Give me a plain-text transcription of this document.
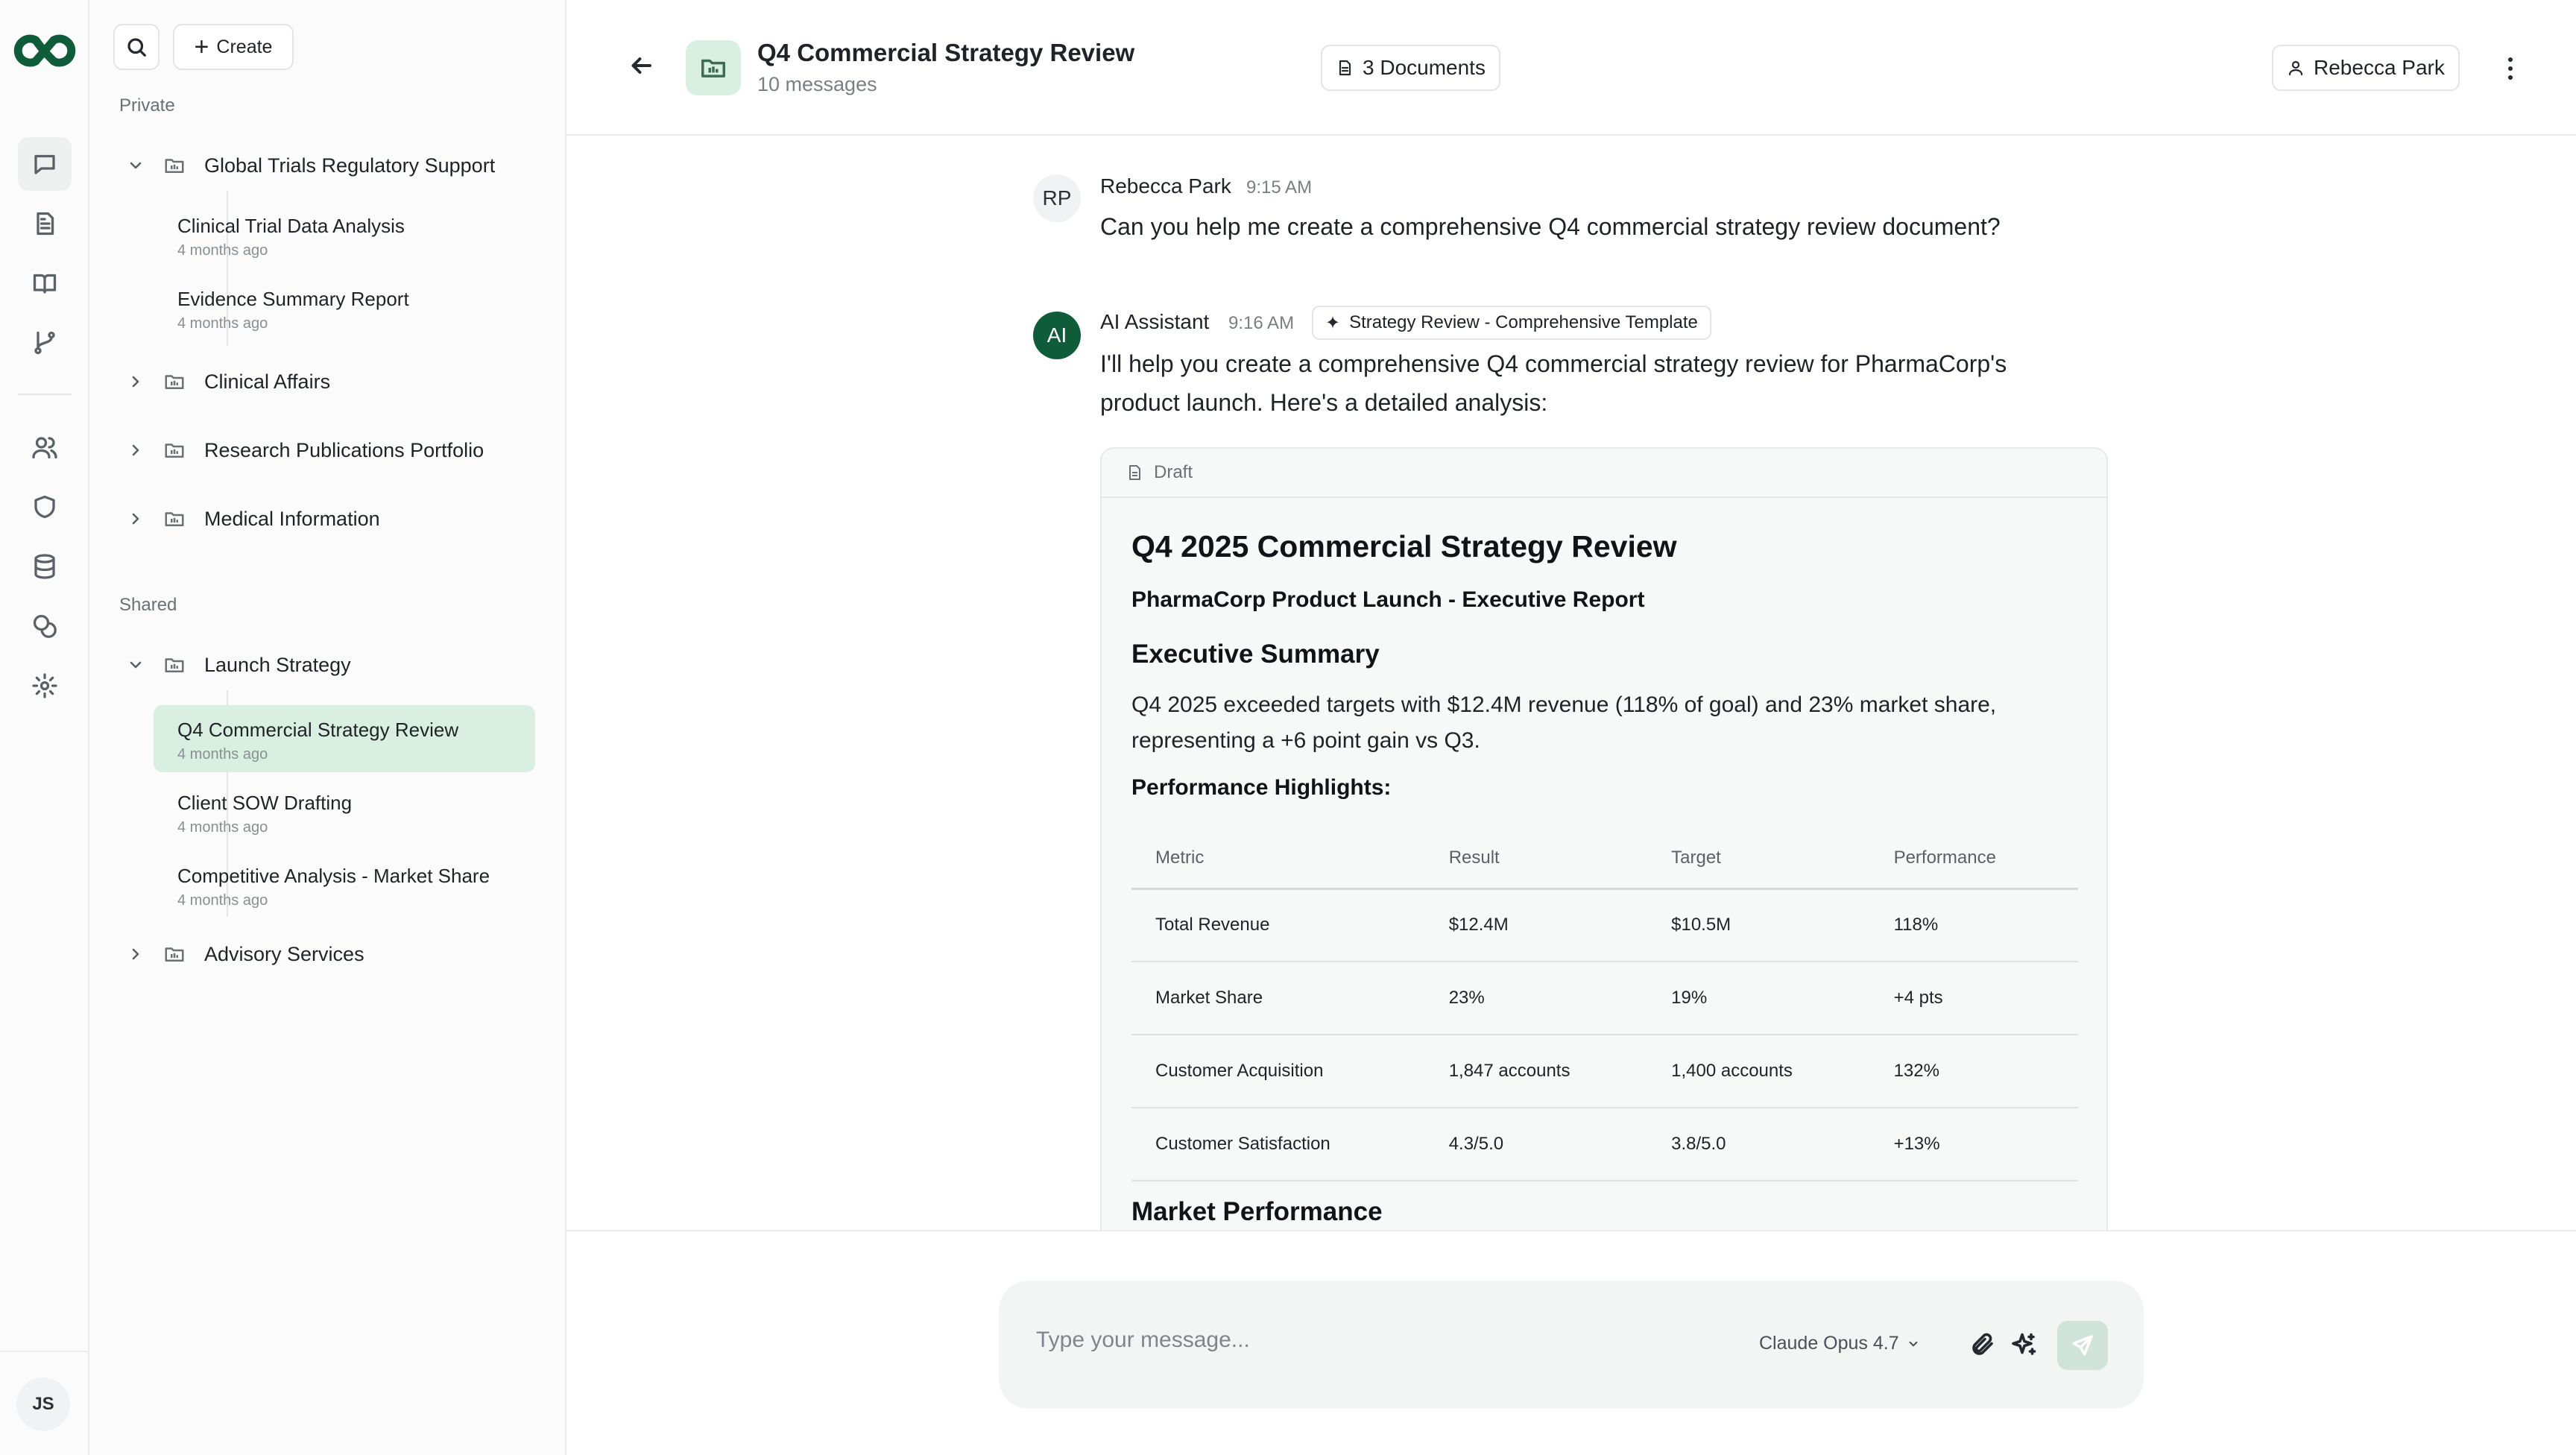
JS
+ Create
Private
Global Trials Regulatory Support
Clinical Trial Data Analysis
4 months ago
Evidence Summary Report
4 months ago
Clinical Affairs
Research Publications Portfolio
Medical Information
Shared
Launch Strategy
Q4 Commercial Strategy Review
4 months ago
Client SOW Drafting
4 months ago
Competitive Analysis - Market Share
4 months ago
Advisory Services
Q4 Commercial Strategy Review
10 messages
3 Documents	Rebecca Park
RP
Rebecca Park 9:15 AM
Can you help me create a comprehensive Q4 commercial strategy review document?
AI
AI Assistant 9:16 AM ✦ Strategy Review - Comprehensive Template
I'll help you create a comprehensive Q4 commercial strategy review for PharmaCorp's
product launch. Here's a detailed analysis:
Draft
Q4 2025 Commercial Strategy Review
PharmaCorp Product Launch - Executive Report
Executive Summary
Q4 2025 exceeded targets with $12.4M revenue (118% of goal) and 23% market share,
representing a +6 point gain vs Q3.
Performance Highlights:
Metric	Result	Target	Performance
Total Revenue	$12.4M	$10.5M	118%
Market Share	23%	19%	+4 pts
Customer Acquisition	1,847 accounts	1,400 accounts	132%
Customer Satisfaction	4.3/5.0	3.8/5.0	+13%
Market Performance
Type your message...
Claude Opus 4.7
